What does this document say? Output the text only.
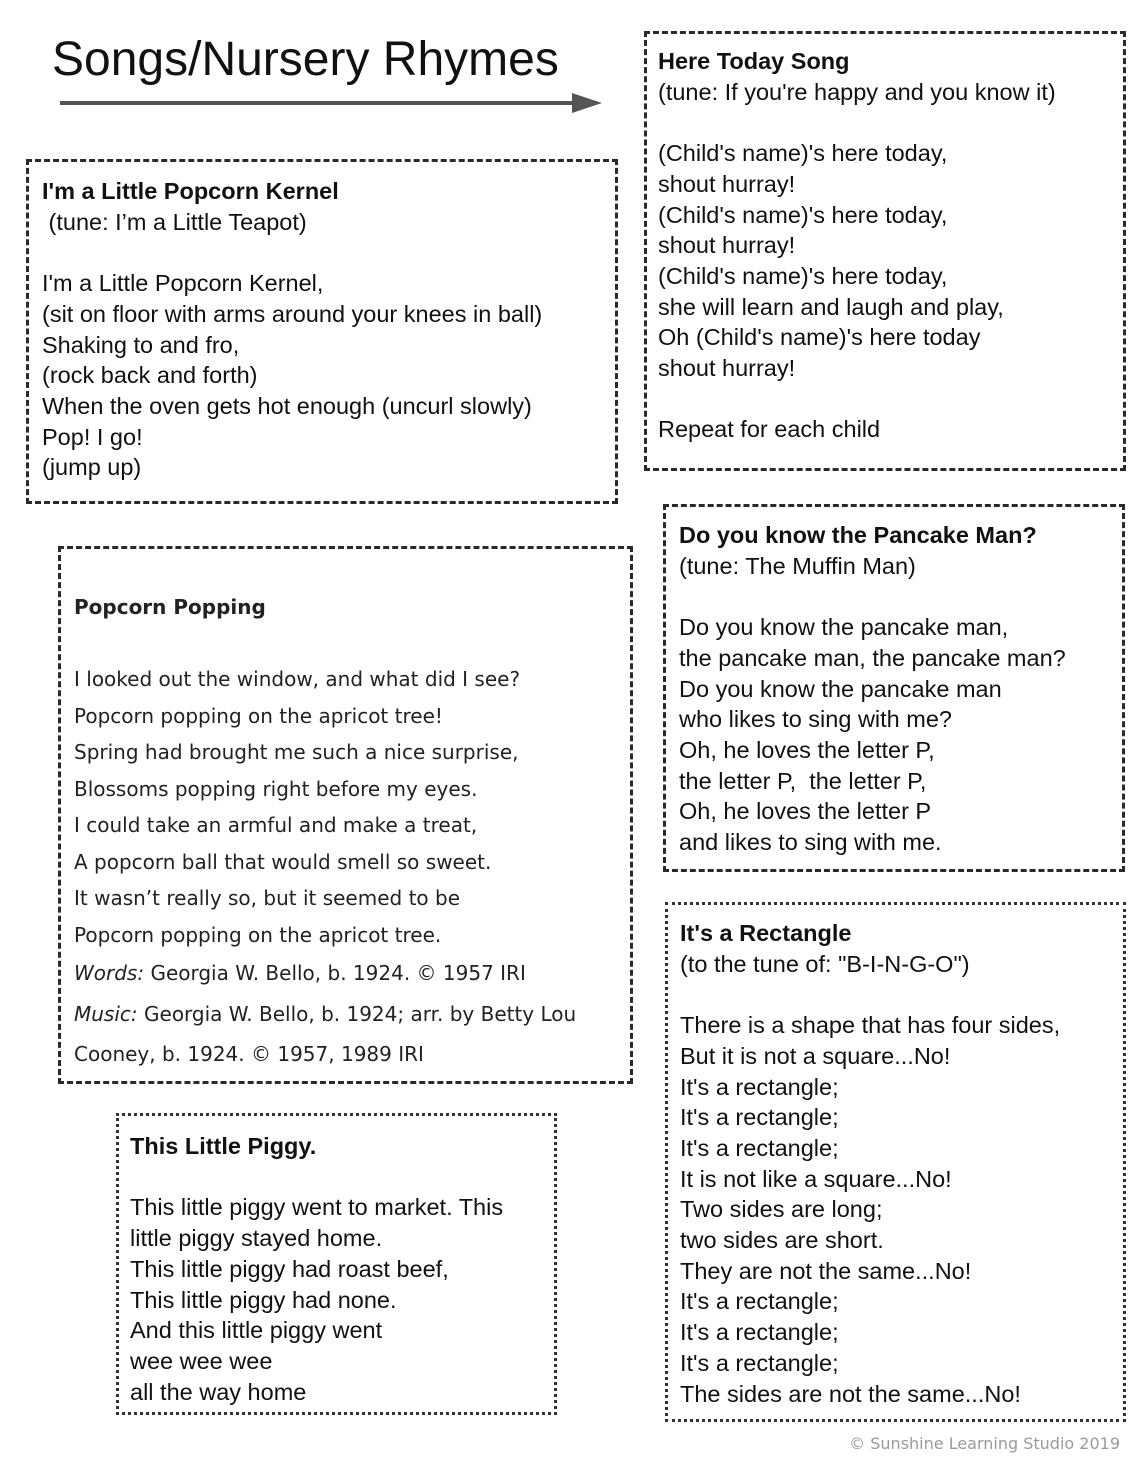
Songs/Nursery Rhymes
I'm a Little Popcorn Kernel
(tune: I’m a Little Teapot)
I'm a Little Popcorn Kernel,
(sit on floor with arms around your knees in ball)
Shaking to and fro,
(rock back and forth)
When the oven gets hot enough (uncurl slowly)
Pop! I go!
(jump up)
Here Today Song
(tune: If you're happy and you know it)
(Child's name)'s here today,
shout hurray!
(Child's name)'s here today,
shout hurray!
(Child's name)'s here today,
she will learn and laugh and play,
Oh (Child's name)'s here today
shout hurray!
Repeat for each child
Do you know the Pancake Man?
(tune: The Muffin Man)
Do you know the pancake man,
the pancake man, the pancake man?
Do you know the pancake man
who likes to sing with me?
Oh, he loves the letter P,
the letter P,  the letter P,
Oh, he loves the letter P
and likes to sing with me.
Popcorn Popping
I looked out the window, and what did I see?
Popcorn popping on the apricot tree!
Spring had brought me such a nice surprise,
Blossoms popping right before my eyes.
I could take an armful and make a treat,
A popcorn ball that would smell so sweet.
It wasn’t really so, but it seemed to be
Popcorn popping on the apricot tree.
Words: Georgia W. Bello, b. 1924. © 1957 IRI
Music: Georgia W. Bello, b. 1924; arr. by Betty Lou
Cooney, b. 1924. © 1957, 1989 IRI
This Little Piggy.
This little piggy went to market. This
little piggy stayed home.
This little piggy had roast beef,
This little piggy had none.
And this little piggy went
wee wee wee
all the way home
It's a Rectangle
(to the tune of: "B-I-N-G-O")
There is a shape that has four sides,
But it is not a square...No!
It's a rectangle;
It's a rectangle;
It's a rectangle;
It is not like a square...No!
Two sides are long;
two sides are short.
They are not the same...No!
It's a rectangle;
It's a rectangle;
It's a rectangle;
The sides are not the same...No!
© Sunshine Learning Studio 2019
